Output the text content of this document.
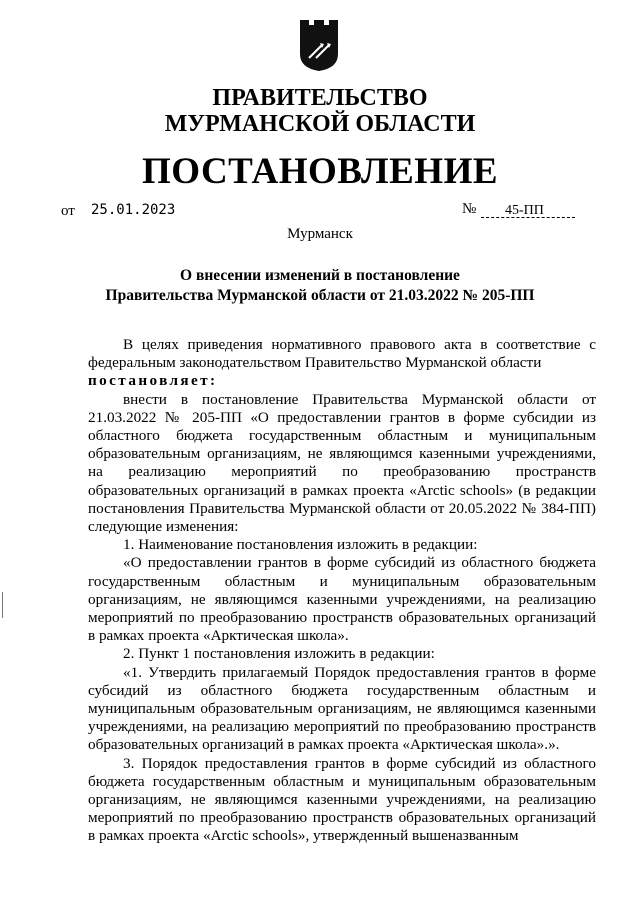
ПРАВИТЕЛЬСТВО
МУРМАНСКОЙ ОБЛАСТИ
ПОСТАНОВЛЕНИЕ
от 25.01.2023	№ 45-ПП
Мурманск
О внесении изменений в постановление
Правительства Мурманской области от 21.03.2022 № 205-ПП

В целях приведения нормативного правового акта в соответствие с федеральным законодательством Правительство Мурманской области

постановляет:

внести в постановление Правительства Мурманской области от 21.03.2022 № 205-ПП «О предоставлении грантов в форме субсидии из областного бюджета государственным областным и муниципальным образовательным организациям, не являющимся казенными учреждениями, на реализацию мероприятий по преобразованию пространств образовательных организаций в рамках проекта «Arctic schools» (в редакции постановления Правительства Мурманской области от 20.05.2022 № 384-ПП) следующие изменения:

1. Наименование постановления изложить в редакции:

«О предоставлении грантов в форме субсидий из областного бюджета государственным областным и муниципальным образовательным организациям, не являющимся казенными учреждениями, на реализацию мероприятий по преобразованию пространств образовательных организаций в рамках проекта «Арктическая школа».

2. Пункт 1 постановления изложить в редакции:

«1. Утвердить прилагаемый Порядок предоставления грантов в форме субсидий из областного бюджета государственным областным и муниципальным образовательным организациям, не являющимся казенными учреждениями, на реализацию мероприятий по преобразованию пространств образовательных организаций в рамках проекта «Арктическая школа».».

3. Порядок предоставления грантов в форме субсидий из областного бюджета государственным областным и муниципальным образовательным организациям, не являющимся казенными учреждениями, на реализацию мероприятий по преобразованию пространств образовательных организаций в рамках проекта «Arctic schools», утвержденный вышеназванным
